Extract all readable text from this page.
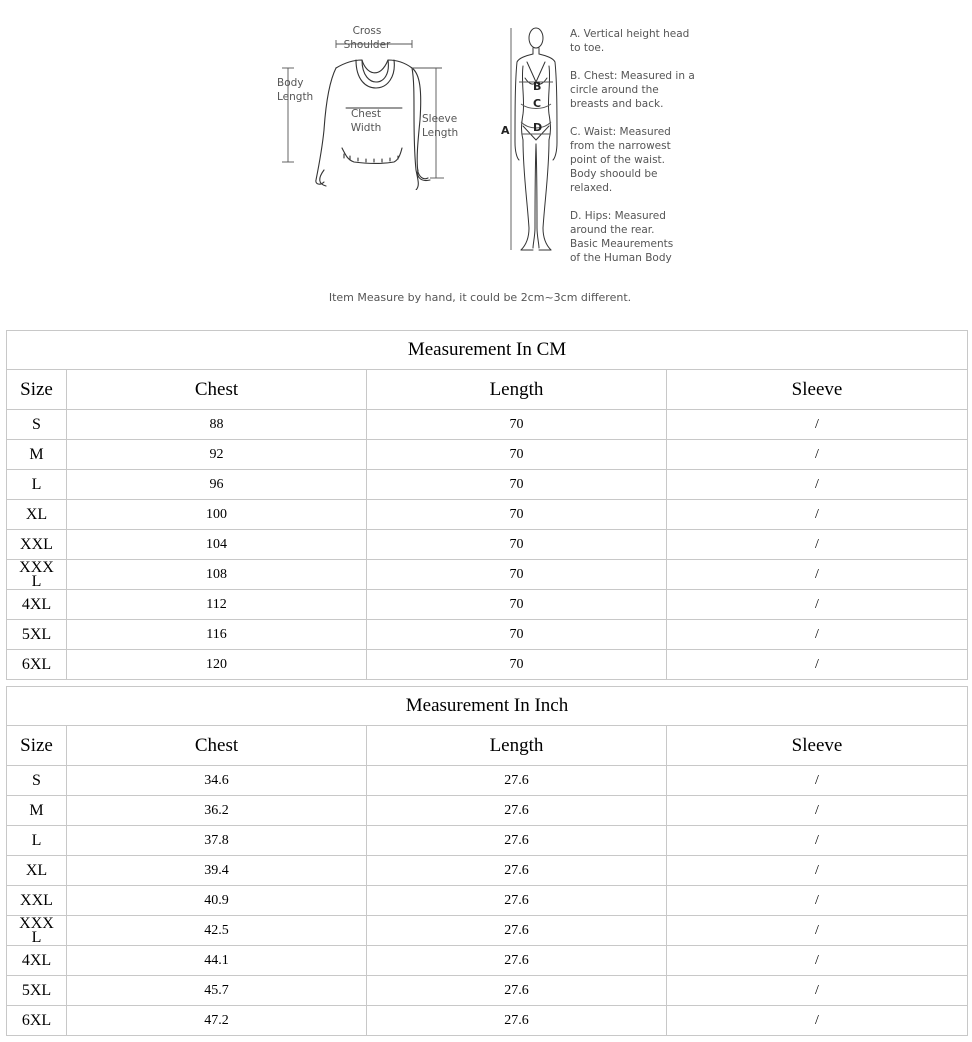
Cross
Shoulder
Body
Length
Chest
Width
Sleeve
Length	A
B
C
D
A. Vertical height head
to toe.
B. Chest: Measured in a
circle around the
breasts and back.
C. Waist: Measured
from the narrowest
point of the waist.
Body shoould be
relaxed.
D. Hips: Measured
around the rear.
Basic Meaurements
of the Human Body
Item Measure by hand, it could be 2cm~3cm different.
Measurement In CM			
Size	Chest	Length	Sleeve
S	88	70	/
M	92	70	/
L	96	70	/
XL	100	70	/
XXL	104	70	/
XXXL	108	70	/
4XL	112	70	/
5XL	116	70	/
6XL	120	70	/
Measurement In Inch			
Size	Chest	Length	Sleeve
S	34.6	27.6	/
M	36.2	27.6	/
L	37.8	27.6	/
XL	39.4	27.6	/
XXL	40.9	27.6	/
XXXL	42.5	27.6	/
4XL	44.1	27.6	/
5XL	45.7	27.6	/
6XL	47.2	27.6	/
